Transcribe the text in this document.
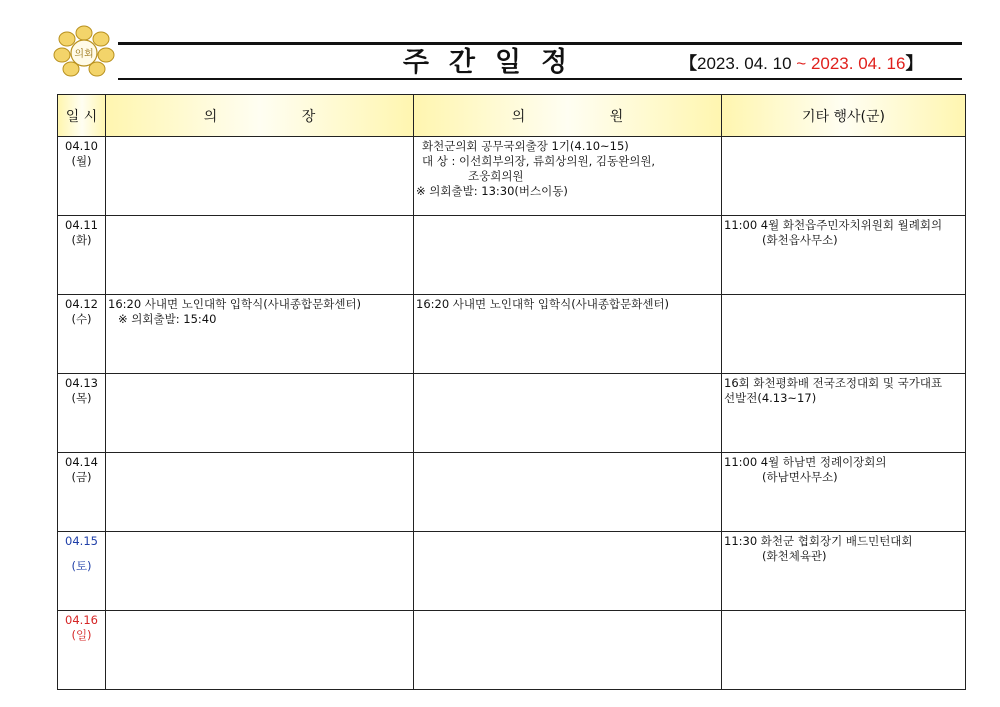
의회	주간일정	【2023. 04. 10 ~ 2023. 04. 16】
일 시	의 장	의 원	기타 행사(군)

04.10
(월)		화천군의회 공무국외출장 1기(4.10~15)
대 상 : 이선희부의장, 류희상의원, 김동완의원,
조웅희의원
※ 의회출발: 13:30(버스이동)	

04.11
(화)			11:00 4월 화천읍주민자치위원회 월례회의
(화천읍사무소)

04.12
(수)	16:20 사내면 노인대학 입학식(사내종합문화센터)
※ 의회출발: 15:40	16:20 사내면 노인대학 입학식(사내종합문화센터)	

04.13
(목)			16회 화천평화배 전국조정대회 및 국가대표
선발전(4.13~17)

04.14
(금)			11:00 4월 하남면 정례이장회의
(하남면사무소)

04.15
(토)			11:30 화천군 협회장기 배드민턴대회
(화천체육관)

04.16
(일)			
